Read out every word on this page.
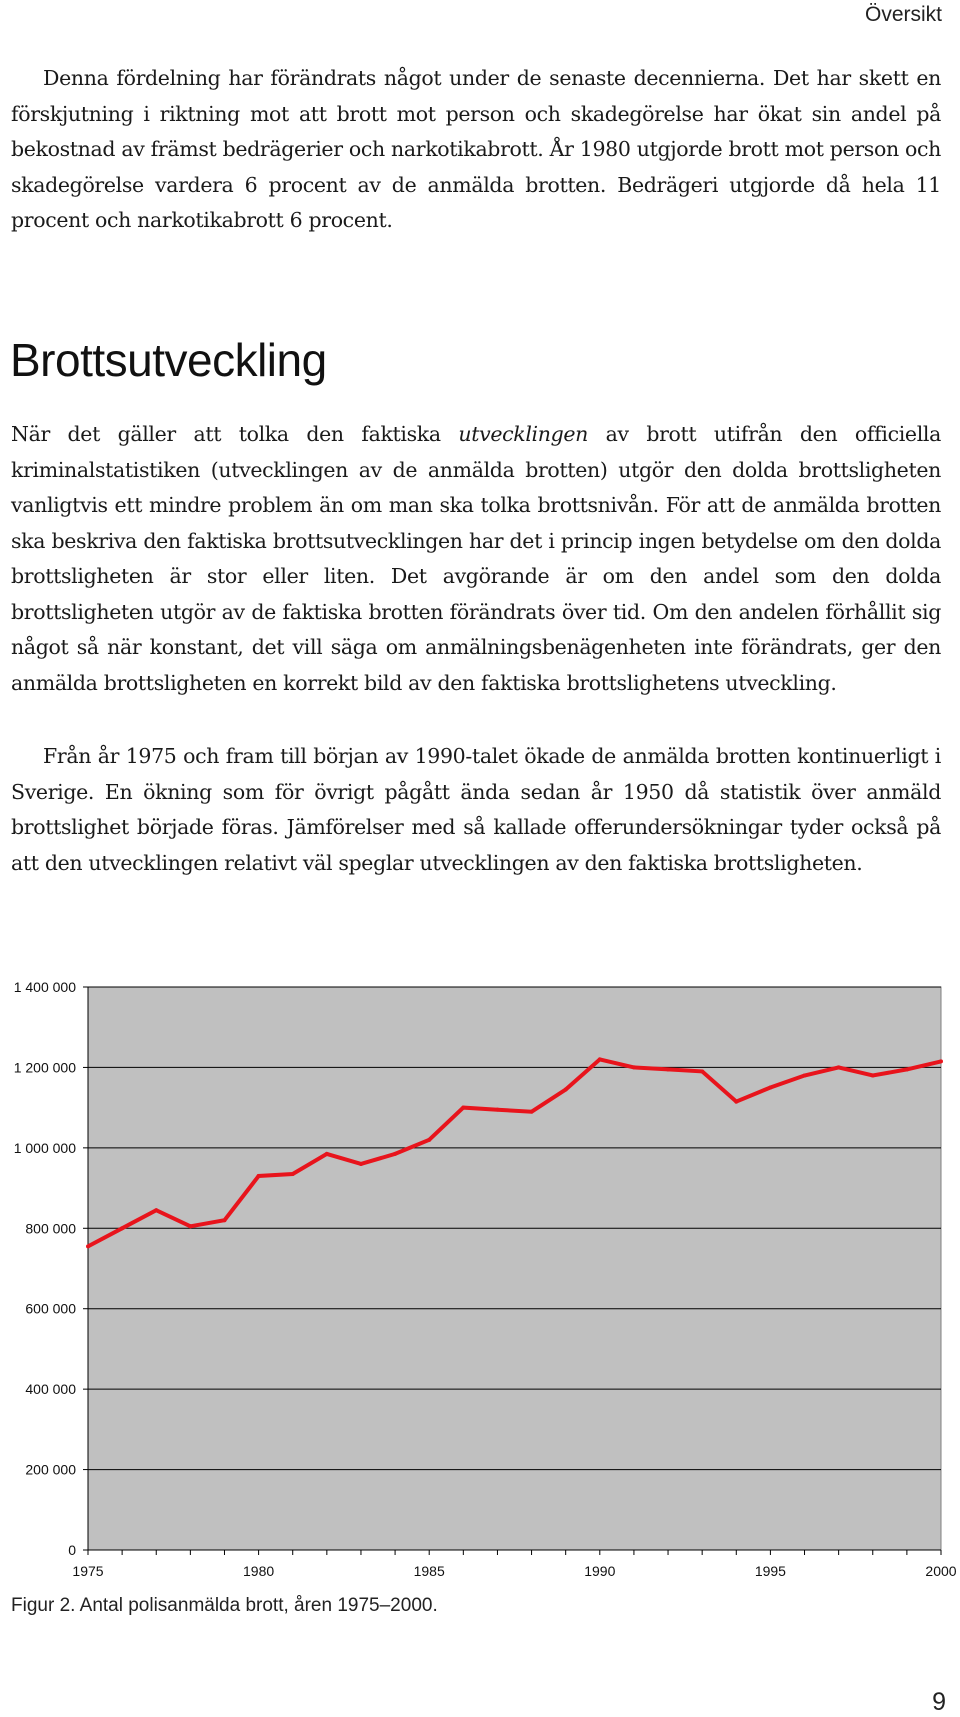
Översikt

Denna fördelning har förändrats något under de senaste decennierna. Det har skett en förskjutning i riktning mot att brott mot person och skadegörelse har ökat sin andel på bekostnad av främst bedrägerier och narkotikabrott. År 1980 utgjorde brott mot person och skadegörelse vardera 6 procent av de anmälda brotten. Bedrägeri utgjorde då hela 11 procent och narkotikabrott 6 procent.

Brottsutveckling

När det gäller att tolka den faktiska utvecklingen av brott utifrån den officiella kriminalstatistiken (utvecklingen av de anmälda brotten) utgör den dolda brottsligheten vanligtvis ett mindre problem än om man ska tolka brottsnivån. För att de anmälda brotten ska beskriva den faktiska brottsutvecklingen har det i princip ingen betydelse om den dolda brottsligheten är stor eller liten. Det avgörande är om den andel som den dolda brottsligheten utgör av de faktiska brotten förändrats över tid. Om den andelen förhållit sig något så när konstant, det vill säga om anmälningsbenägenheten inte förändrats, ger den anmälda brottsligheten en korrekt bild av den faktiska brottslighetens utveckling.

Från år 1975 och fram till början av 1990-talet ökade de anmälda brotten kontinuerligt i Sverige. En ökning som för övrigt pågått ända sedan år 1950 då statistik över anmäld brottslighet började föras. Jämförelser med så kallade offerundersökningar tyder också på att den utvecklingen relativt väl speglar utvecklingen av den faktiska brottsligheten.

0
200 000
400 000
600 000
800 000
1 000 000
1 200 000
1 400 000
1975	1980	1985	1990	1995	2000
Figur 2. Antal polisanmälda brott, åren 1975–2000.
9
